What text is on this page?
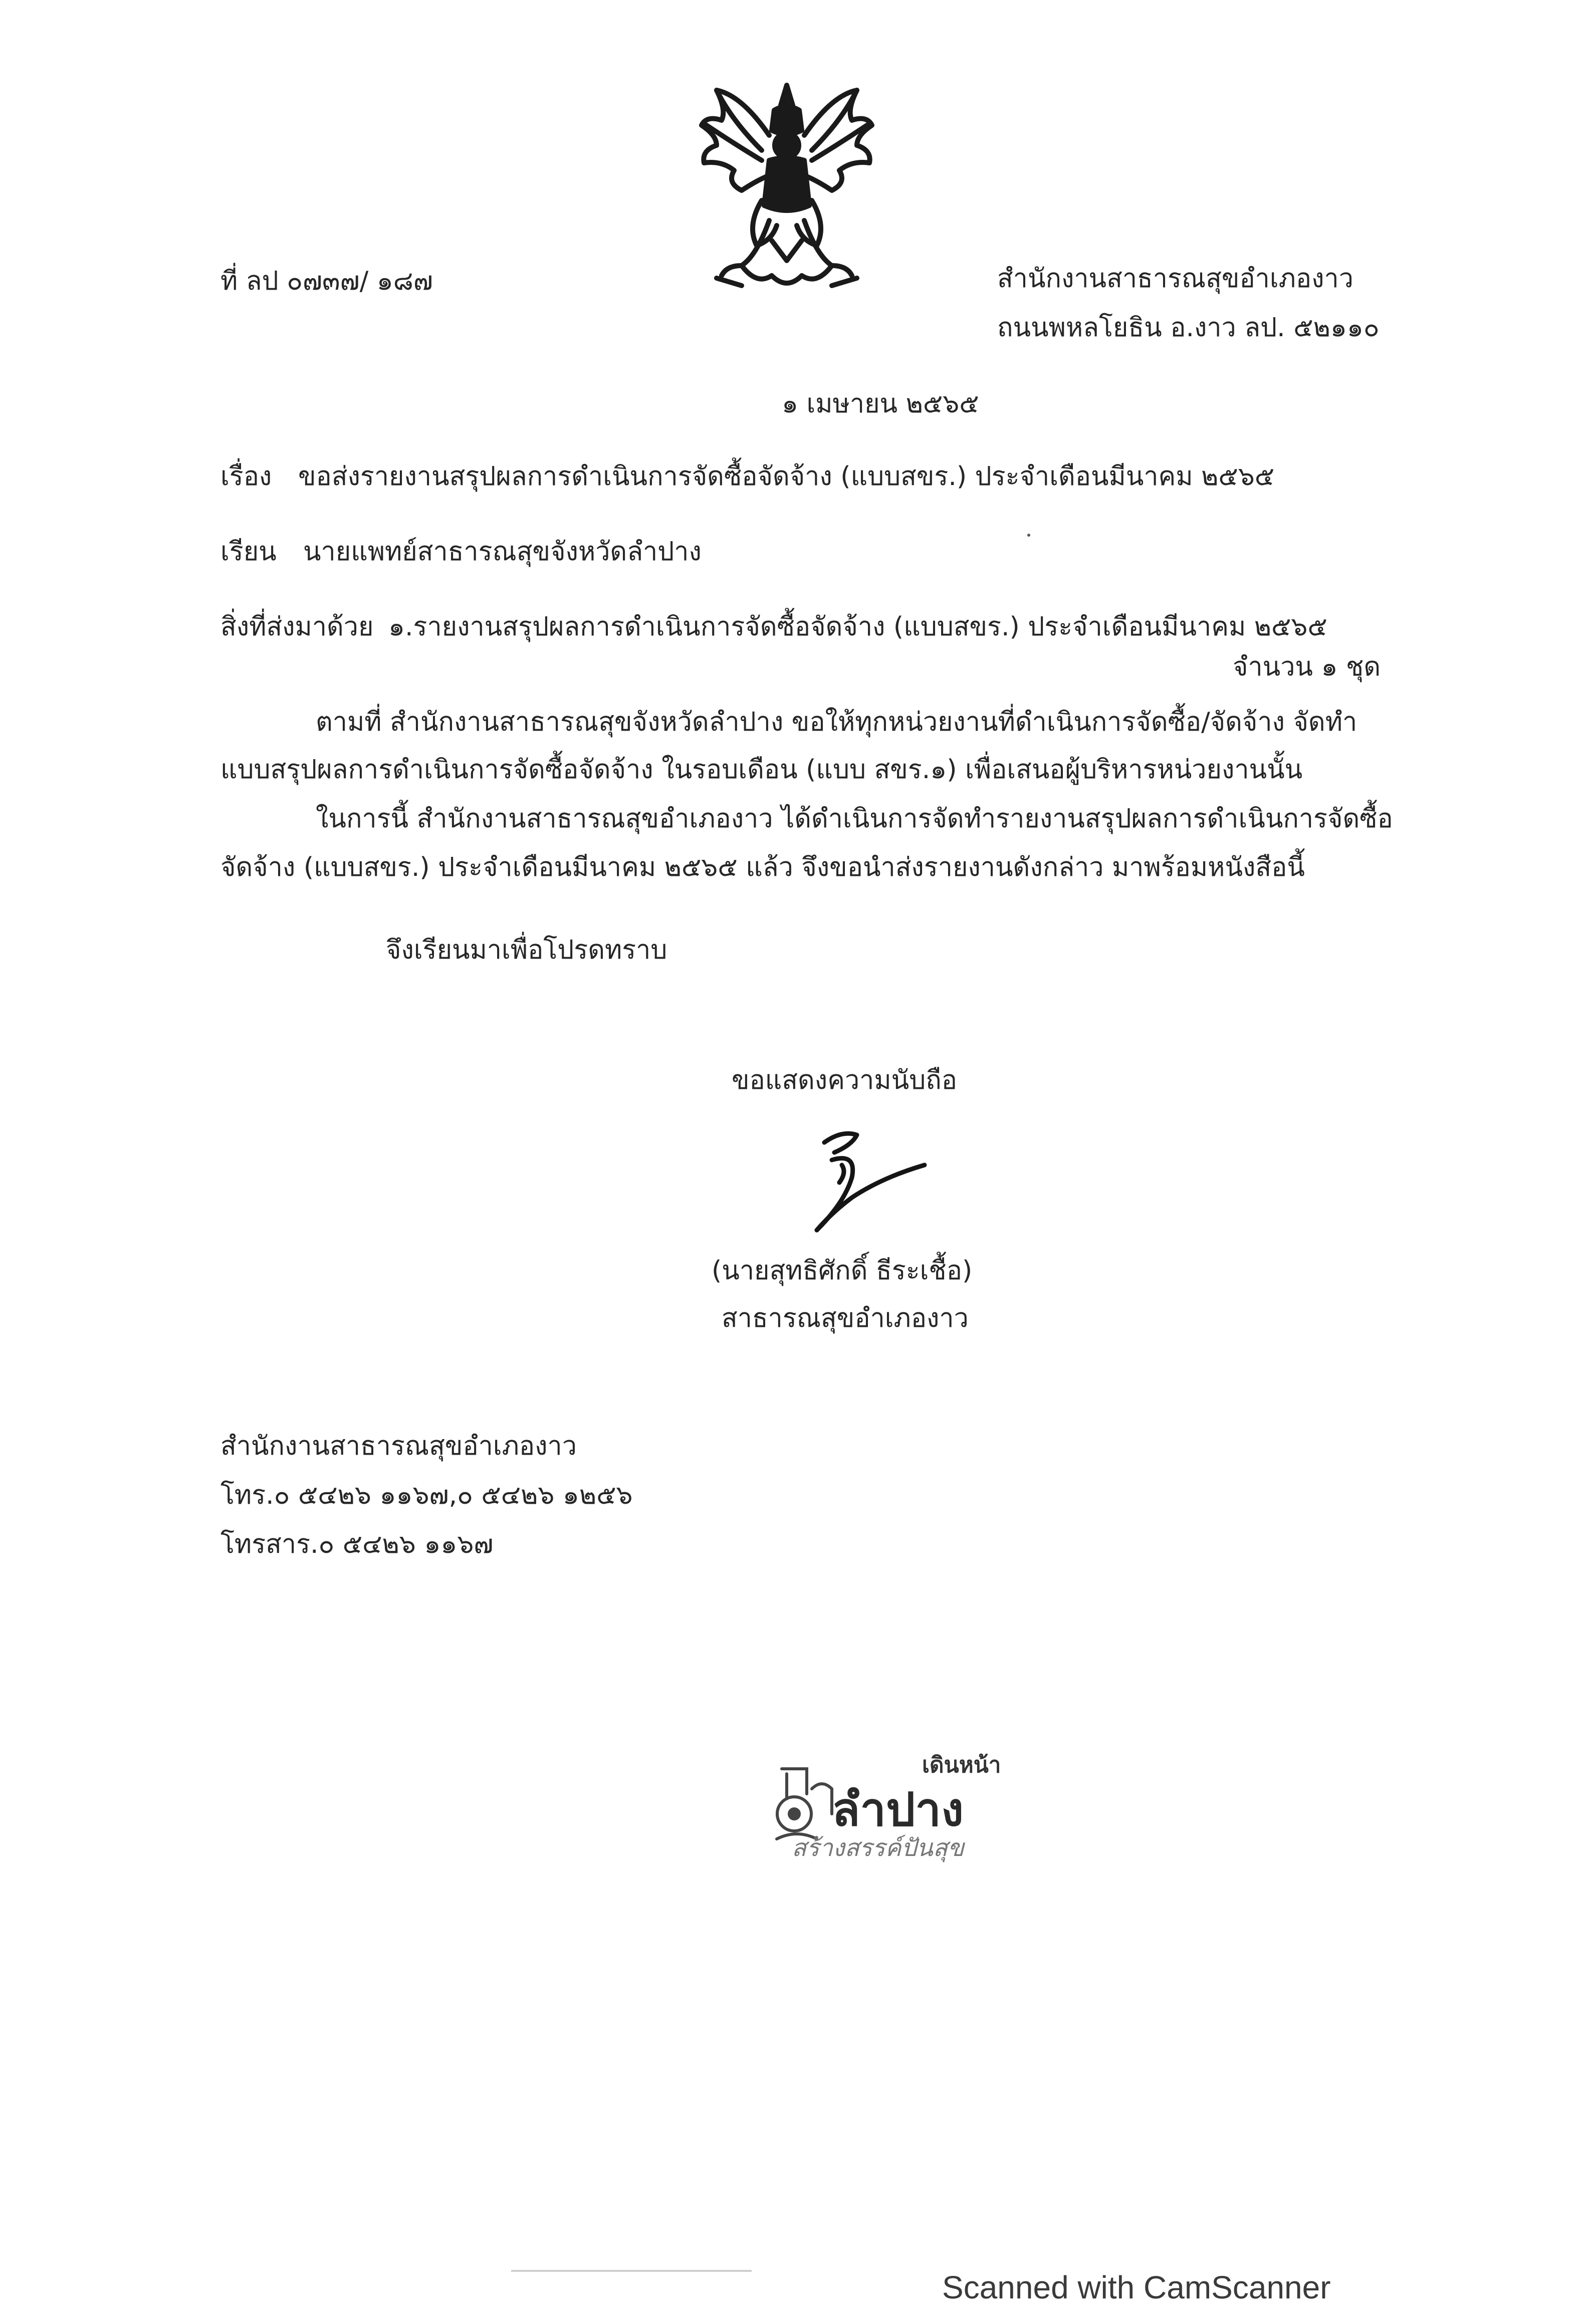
ที่ ลป ๐๗๓๗/ ๑๘๗	สำนักงานสาธารณสุขอำเภองาว
ถนนพหลโยธิน อ.งาว ลป. ๕๒๑๑๐
๑ เมษายน ๒๕๖๕
เรื่อง ขอส่งรายงานสรุปผลการดำเนินการจัดซื้อจัดจ้าง (แบบสขร.) ประจำเดือนมีนาคม ๒๕๖๕
เรียน นายแพทย์สาธารณสุขจังหวัดลำปาง
สิ่งที่ส่งมาด้วย ๑.รายงานสรุปผลการดำเนินการจัดซื้อจัดจ้าง (แบบสขร.) ประจำเดือนมีนาคม ๒๕๖๕
จำนวน ๑ ชุด
ตามที่ สำนักงานสาธารณสุขจังหวัดลำปาง ขอให้ทุกหน่วยงานที่ดำเนินการจัดซื้อ/จัดจ้าง จัดทำ
แบบสรุปผลการดำเนินการจัดซื้อจัดจ้าง ในรอบเดือน (แบบ สขร.๑) เพื่อเสนอผู้บริหารหน่วยงานนั้น
ในการนี้ สำนักงานสาธารณสุขอำเภองาว ได้ดำเนินการจัดทำรายงานสรุปผลการดำเนินการจัดซื้อ
จัดจ้าง (แบบสขร.) ประจำเดือนมีนาคม ๒๕๖๕ แล้ว จึงขอนำส่งรายงานดังกล่าว มาพร้อมหนังสือนี้
จึงเรียนมาเพื่อโปรดทราบ
ขอแสดงความนับถือ
(นายสุทธิศักดิ์ ธีระเชื้อ)
สาธารณสุขอำเภองาว
สำนักงานสาธารณสุขอำเภองาว
โทร.๐ ๕๔๒๖ ๑๑๖๗,๐ ๕๔๒๖ ๑๒๕๖
โทรสาร.๐ ๕๔๒๖ ๑๑๖๗
เดินหน้า
ลำปาง
สร้างสรรค์ปันสุข
Scanned with CamScanner
